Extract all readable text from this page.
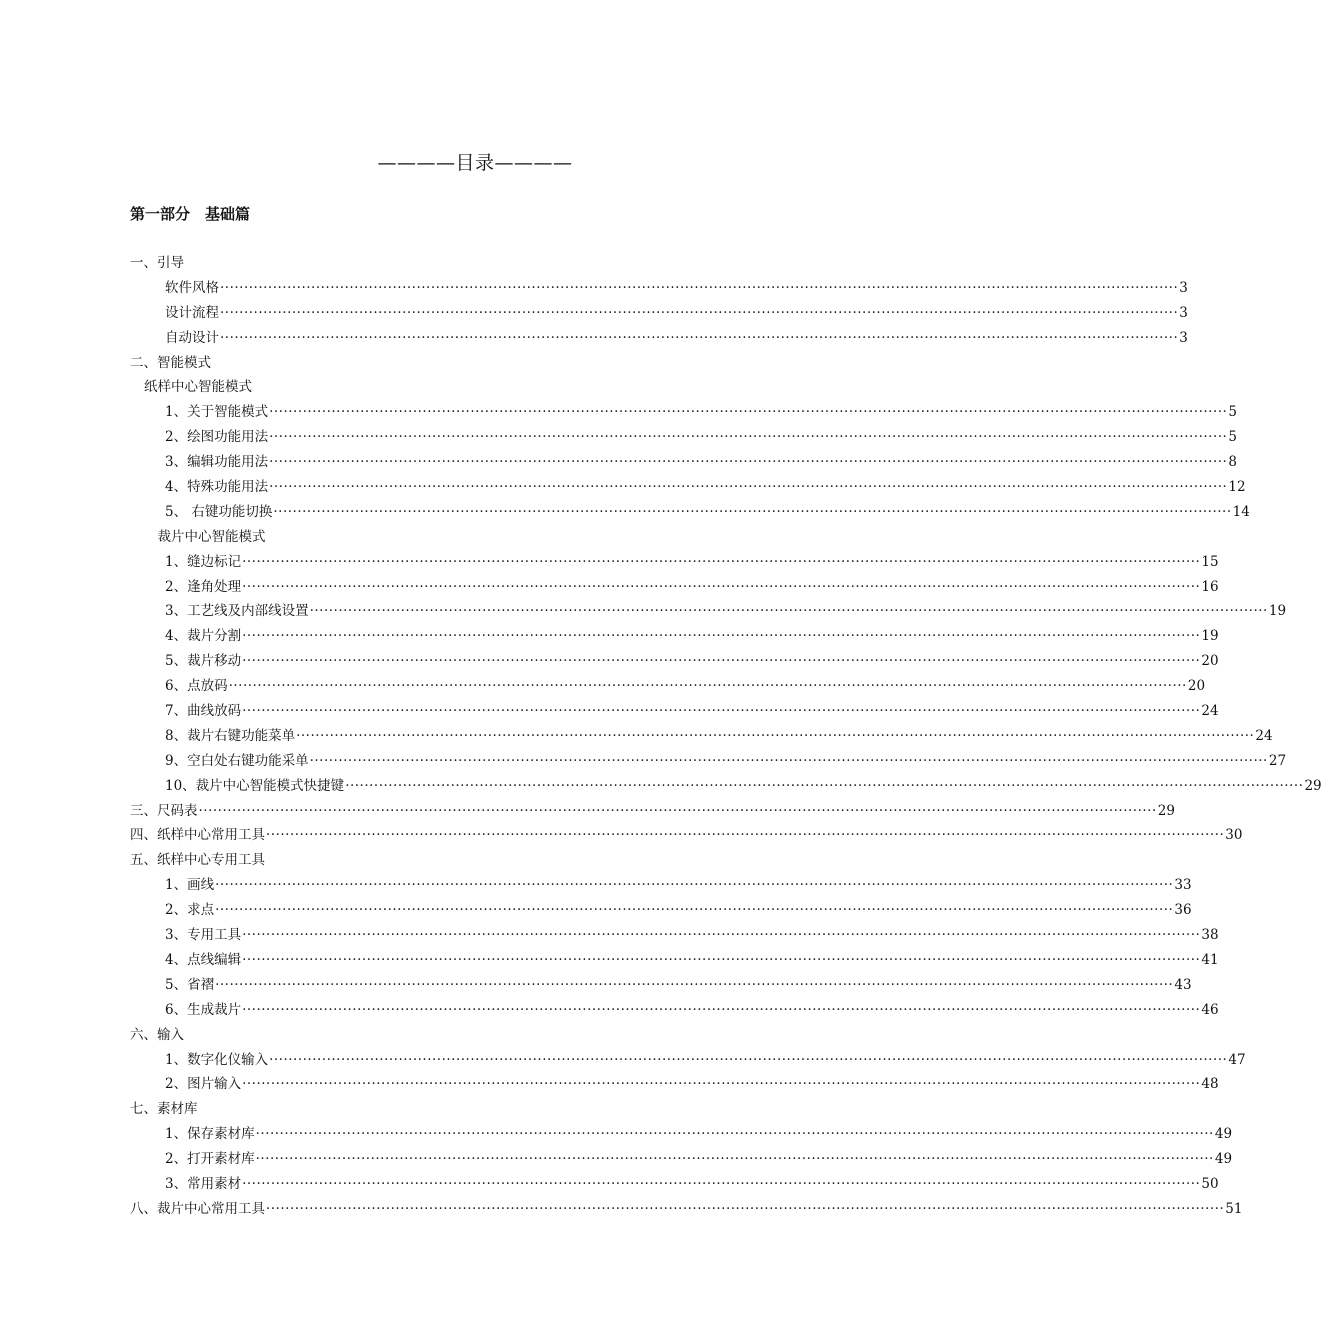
————目录————
第一部分　基础篇
一、引导
软件风格 ········································································································································································································ 3
设计流程 ········································································································································································································ 3
自动设计 ········································································································································································································ 3
二、智能模式
纸样中心智能模式
1、关于智能模式 ········································································································································································································ 5
2、绘图功能用法 ········································································································································································································ 5
3、编辑功能用法 ········································································································································································································ 8
4、特殊功能用法 ········································································································································································································ 12
5、 右键功能切换 ········································································································································································································ 14
　裁片中心智能模式
1、缝边标记 ········································································································································································································ 15
2、逢角处理 ········································································································································································································ 16
3、工艺线及内部线设置 ········································································································································································································ 19
4、裁片分割 ········································································································································································································ 19
5、裁片移动 ········································································································································································································ 20
6、点放码 ········································································································································································································ 20
7、曲线放码 ········································································································································································································ 24
8、裁片右键功能菜单 ········································································································································································································ 24
9、空白处右键功能采单 ········································································································································································································ 27
10、裁片中心智能模式快捷键 ········································································································································································································ 29
三、尺码表 ········································································································································································································ 29
四、纸样中心常用工具 ········································································································································································································ 30
五、纸样中心专用工具
1、画线 ········································································································································································································ 33
2、求点 ········································································································································································································ 36
3、专用工具 ········································································································································································································ 38
4、点线编辑 ········································································································································································································ 41
5、省褶 ········································································································································································································ 43
6、生成裁片 ········································································································································································································ 46
六、输入
1、数字化仪输入 ········································································································································································································ 47
2、图片输入 ········································································································································································································ 48
七、素材库
1、保存素材库 ········································································································································································································ 49
2、打开素材库 ········································································································································································································ 49
3、常用素材 ········································································································································································································ 50
八、裁片中心常用工具 ········································································································································································································ 51
